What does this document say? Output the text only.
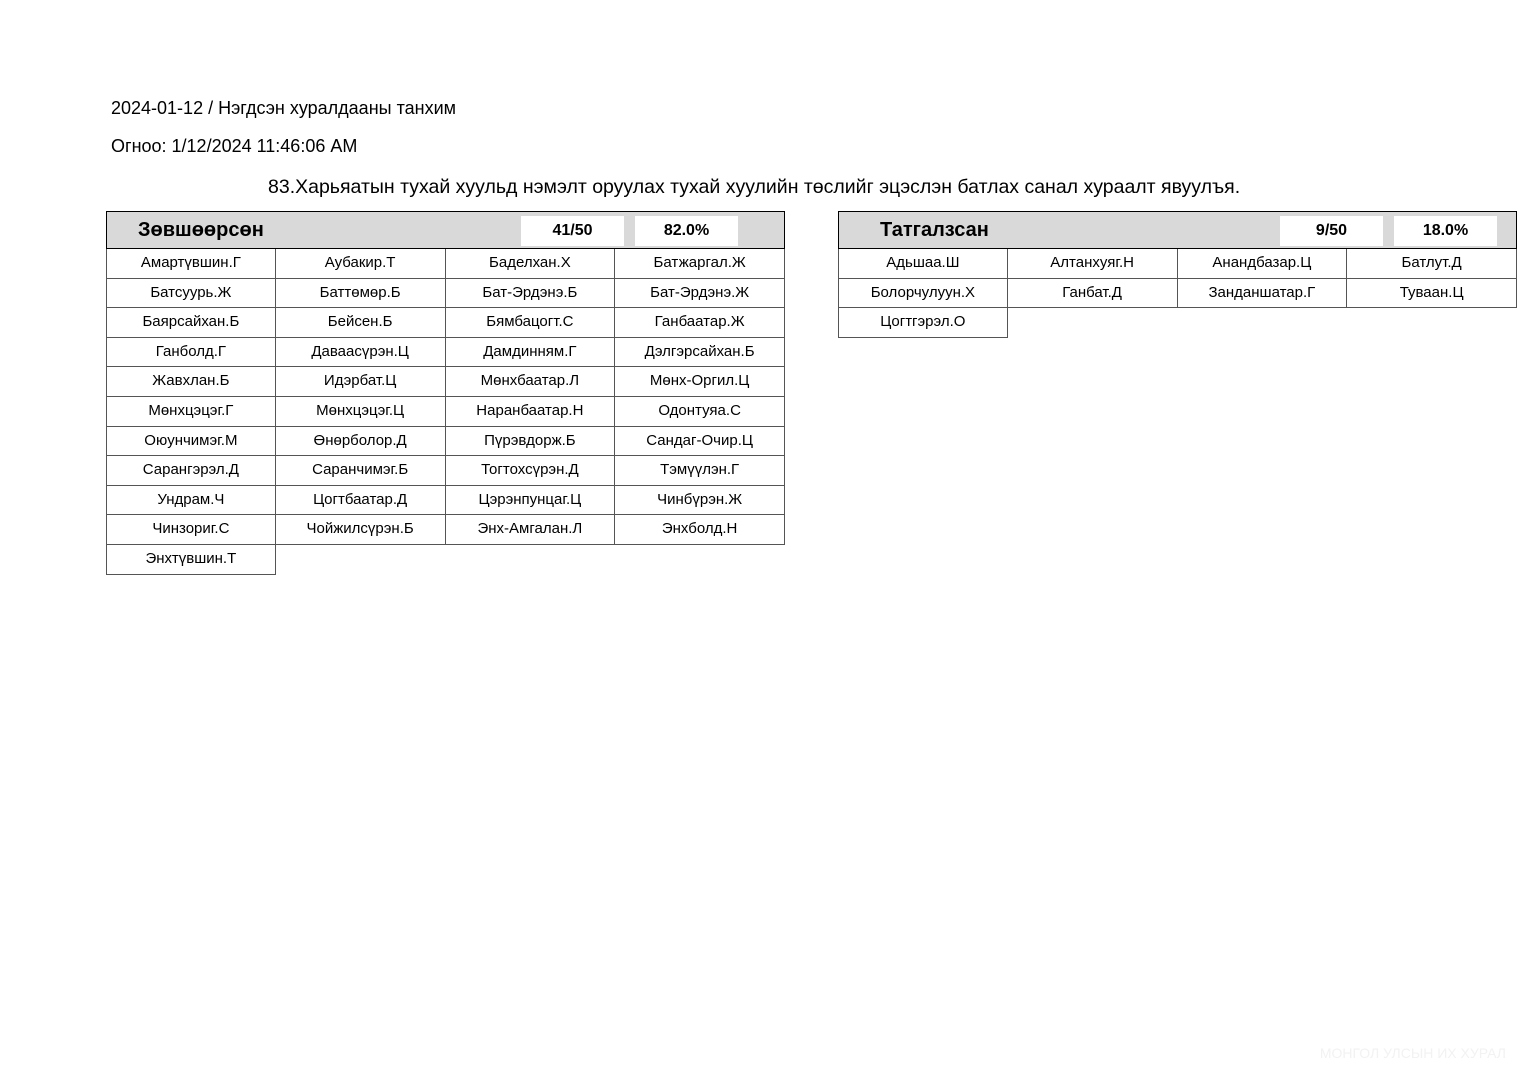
2024-01-12 / Нэгдсэн хуралдааны танхим
Огноо: 1/12/2024 11:46:06 AM
83.Харьяатын тухай хуульд нэмэлт оруулах тухай хуулийн төслийг эцэслэн батлах санал хураалт явуулъя.
Зөвшөөрсөн	41/50	82.0%
Амартүвшин.Г	Аубакир.Т	Баделхан.Х	Батжаргал.Ж
Батсуурь.Ж	Баттөмөр.Б	Бат-Эрдэнэ.Б	Бат-Эрдэнэ.Ж
Баярсайхан.Б	Бейсен.Б	Бямбацогт.С	Ганбаатар.Ж
Ганболд.Г	Даваасүрэн.Ц	Дамдинням.Г	Дэлгэрсайхан.Б
Жавхлан.Б	Идэрбат.Ц	Мөнхбаатар.Л	Мөнх-Оргил.Ц
Мөнхцэцэг.Г	Мөнхцэцэг.Ц	Наранбаатар.Н	Одонтуяа.С
Оюунчимэг.М	Өнөрболор.Д	Пүрэвдорж.Б	Сандаг-Очир.Ц
Сарангэрэл.Д	Саранчимэг.Б	Тогтохсүрэн.Д	Тэмүүлэн.Г
Ундрам.Ч	Цогтбаатар.Д	Цэрэнпунцаг.Ц	Чинбүрэн.Ж
Чинзориг.С	Чойжилсүрэн.Б	Энх-Амгалан.Л	Энхболд.Н
Энхтүвшин.Т
Татгалзсан	9/50	18.0%
Адьшаа.Ш	Алтанхуяг.Н	Анандбазар.Ц	Батлут.Д
Болорчулуун.Х	Ганбат.Д	Занданшатар.Г	Туваан.Ц
Цогтгэрэл.О
МОНГОЛ УЛСЫН ИХ ХУРАЛ
